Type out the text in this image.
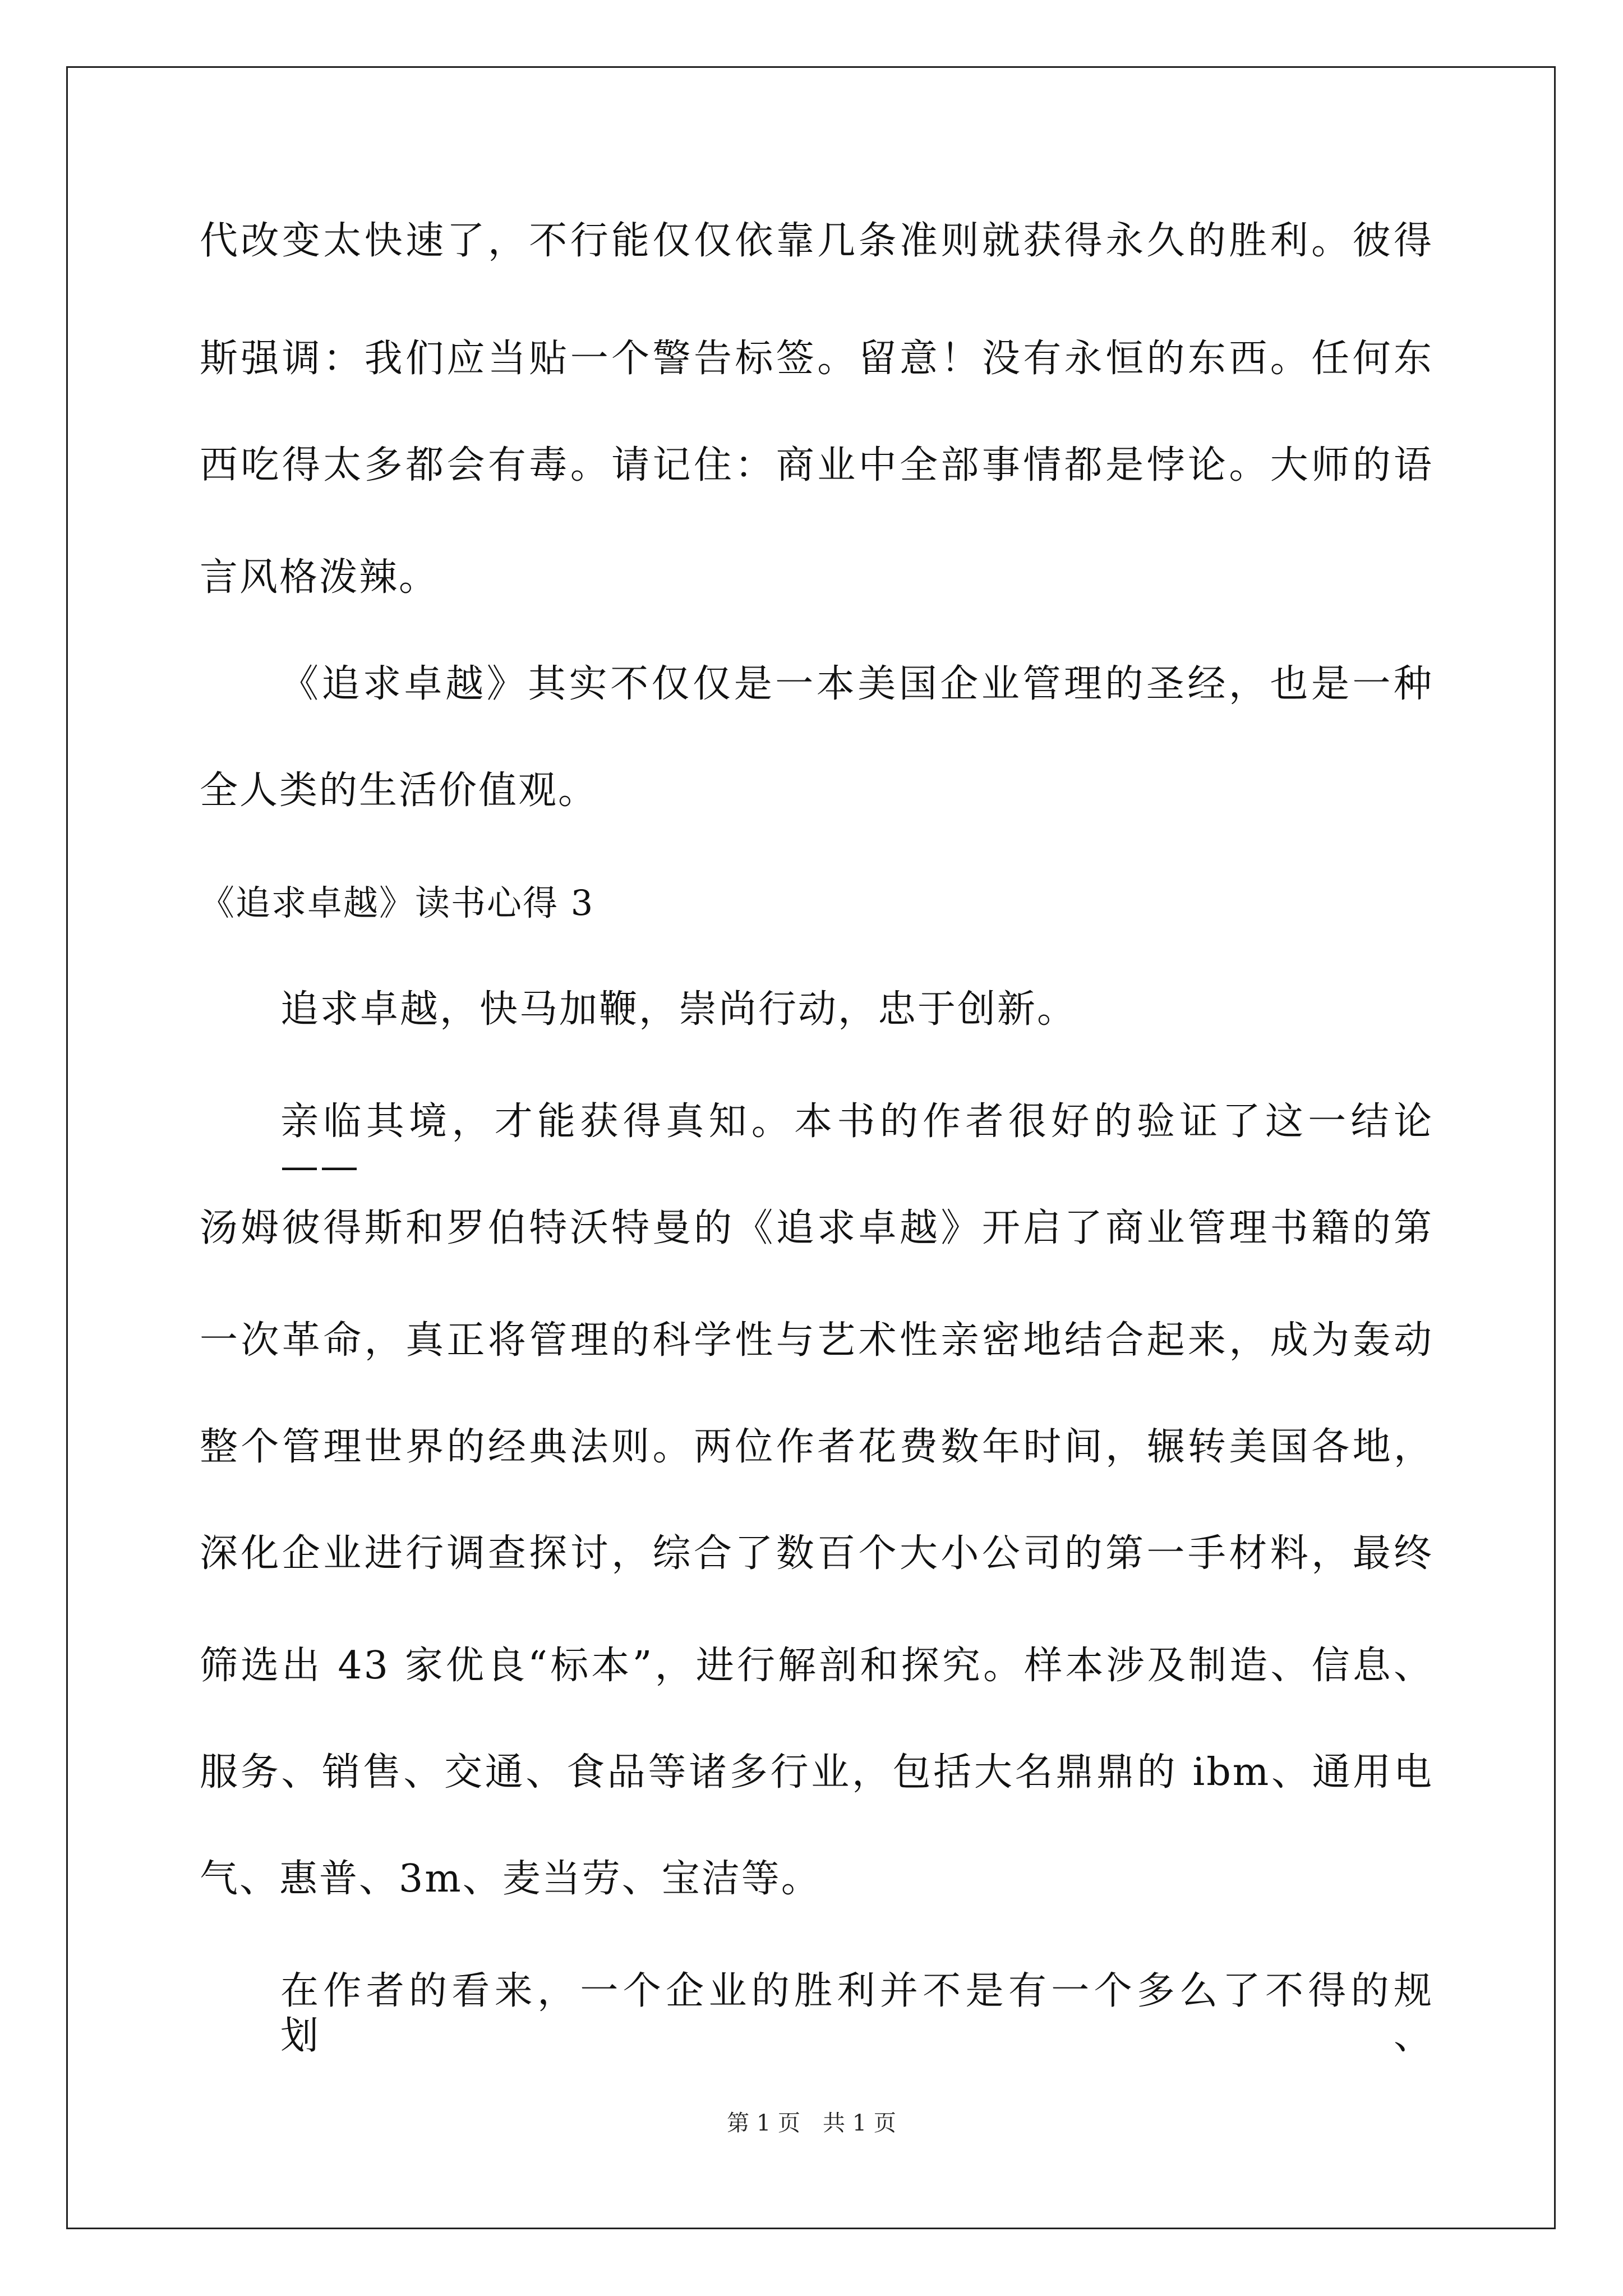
代改变太快速了，不行能仅仅依靠几条准则就获得永久的胜利。彼得
斯强调：我们应当贴一个警告标签。留意！没有永恒的东西。任何东
西吃得太多都会有毒。请记住：商业中全部事情都是悖论。大师的语
言风格泼辣。
《追求卓越》其实不仅仅是一本美国企业管理的圣经，也是一种
全人类的生活价值观。
《追求卓越》读书心得 3
追求卓越，快马加鞭，崇尚行动，忠于创新。
亲临其境，才能获得真知。本书的作者很好的验证了这一结论——
汤姆彼得斯和罗伯特沃特曼的《追求卓越》开启了商业管理书籍的第
一次革命，真正将管理的科学性与艺术性亲密地结合起来，成为轰动
整个管理世界的经典法则。两位作者花费数年时间，辗转美国各地，
深化企业进行调查探讨，综合了数百个大小公司的第一手材料，最终
筛选出 43 家优良“标本”，进行解剖和探究。样本涉及制造、信息、
服务、销售、交通、食品等诸多行业，包括大名鼎鼎的 ibm、通用电
气、惠普、3m、麦当劳、宝洁等。
在作者的看来，一个企业的胜利并不是有一个多么了不得的规划、
第 1 页 共 1 页
